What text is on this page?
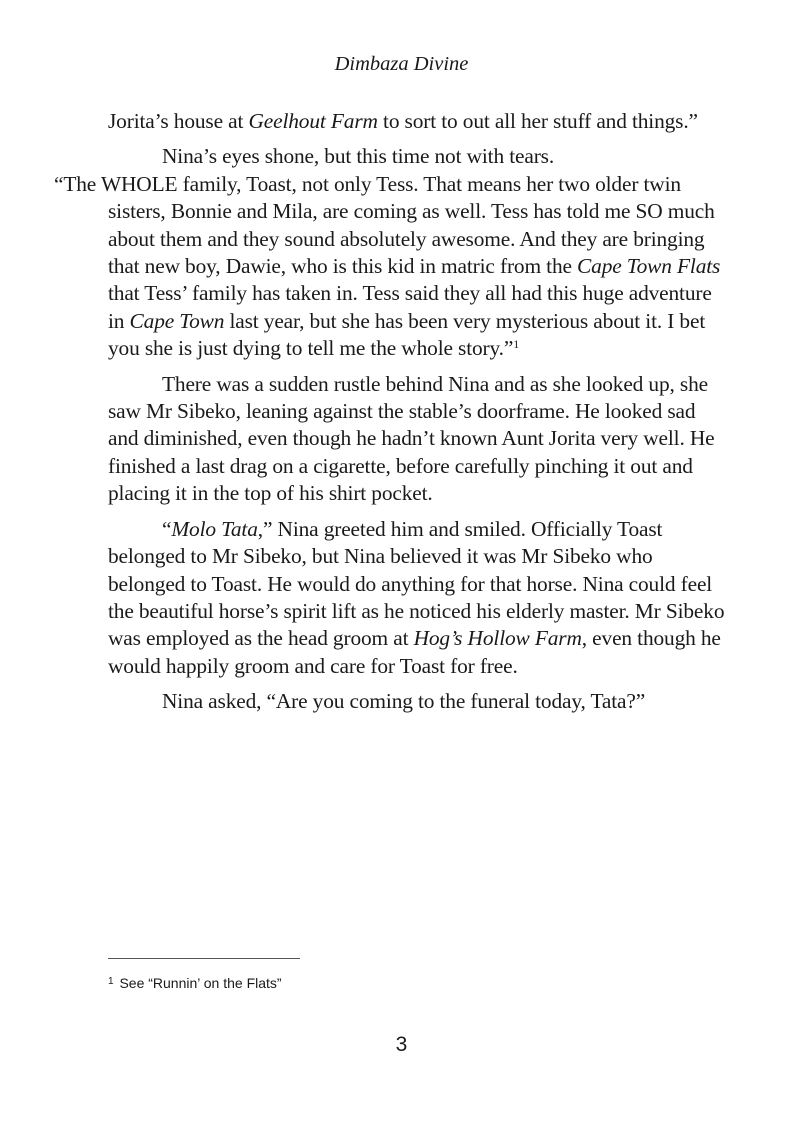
Dimbaza Divine

Jorita’s house at Geelhout Farm to sort to out all her stuff and things.”

Nina’s eyes shone, but this time not with tears.
“The WHOLE family, Toast, not only Tess. That means her two older twin sisters, Bonnie and Mila, are coming as well. Tess has told me SO much about them and they sound absolutely awesome. And they are bringing that new boy, Dawie, who is this kid in matric from the Cape Town Flats that Tess’ family has taken in. Tess said they all had this huge adventure in Cape Town last year, but she has been very mysterious about it. I bet you she is just dying to tell me the whole story.”$^1$

There was a sudden rustle behind Nina and as she looked up, she saw Mr Sibeko, leaning against the stable’s doorframe. He looked sad and diminished, even though he hadn’t known Aunt Jorita very well. He finished a last drag on a cigarette, before carefully pinching it out and placing it in the top of his shirt pocket.

“Molo Tata,” Nina greeted him and smiled. Officially Toast belonged to Mr Sibeko, but Nina believed it was Mr Sibeko who belonged to Toast. He would do anything for that horse. Nina could feel the beautiful horse’s spirit lift as he noticed his elderly master. Mr Sibeko was employed as the head groom at Hog’s Hollow Farm, even though he would happily groom and care for Toast for free.

Nina asked, “Are you coming to the funeral today, Tata?”

$^1$ See “Runnin’ on the Flats”
3
